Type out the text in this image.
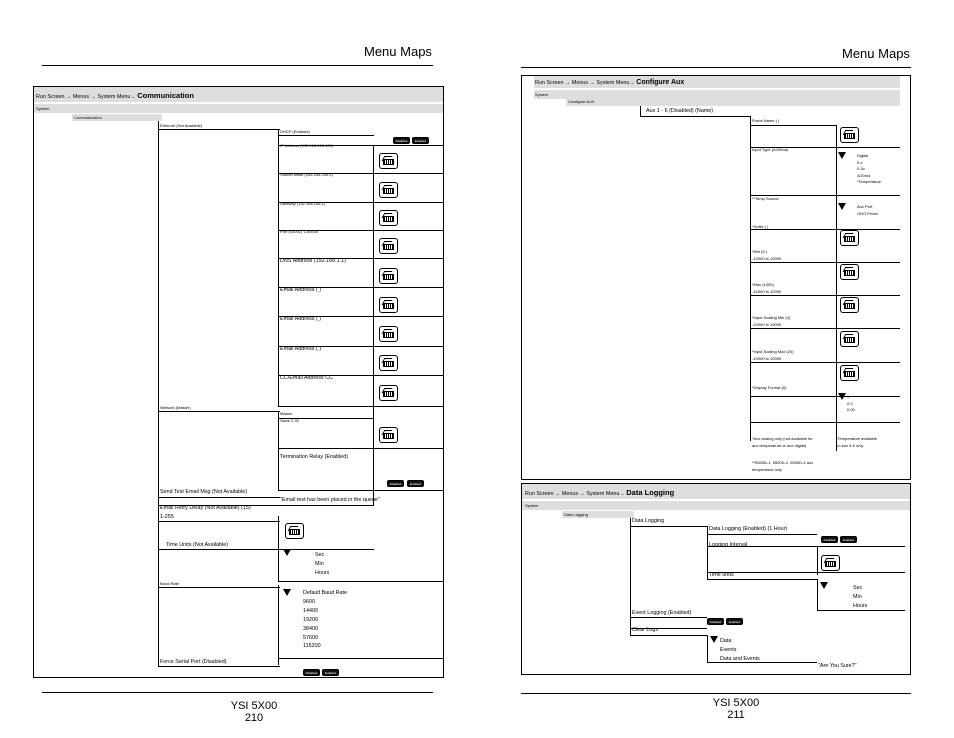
Menu Maps
Run Screen → Menus → System Menu→ Communication
System
Communication
Ethernet (Not Available)
DHCP (Enabled)
Disabled	Enabled
IP Address (192.168.168.100)
Subnet Mask (255.255.255.0)
Gateway (192.168.168.1)
Port (10001) 1-65535
DNS Address (192.168.1.1)
Email Address ( )
Email Address ( )
Email Address ( )
CC/Email Address CC
Network (Master)
Master
Slave 2-32
Termination Relay (Enabled)
Disabled	Enabled
Send Test Email Msg (Not Available)
"Email test has been placed in the queue"
Email Retry Delay (Not Available) (15)
1-255
Time Units (Not Available)
Sec
Min
Hours
Baud Rate
Default Baud Rate
9600
14400
19200
38400
57600
115200
Force Serial Port (Disabled)
Disabled	Enabled
YSI 5X00
210
Menu Maps
Run Screen → Menus → System Menu→ Configure Aux
System
Configure AUX
Aux 1 - 6 (Disabled) (Name)
Probe Name ( )
Input Type (A/20ma)
Digital
0-v
0-5v
4/20ma
*Temperature
**Temp Source
Aux Port
ODO Probe
*Suffix ( )
*Min (0 )
-10000 to 10000
*Max (1000)
-10000 to 10000
*Input Scaling Min (4)
-10000 to 10000
*Input Scaling Max (20)
-10000 to 10000
*Display Format (0)
0
0.0
0.00
*Aux analog only (not available for
aux temperature or aux digital)
*Temperature available
on aux 3-6 only
**5500D-1, 5500D-2, 5500D-4 aux
temperature only
Run Screen → Menus → System Menu→ Data Logging
System
Data Logging
Data Logging
Data Logging (Enabled) (1 Hour)
Disabled	Enabled
Logging Interval
Time units
Sec
Min
Hours
Event Logging (Enabled)
Disabled	Enabled
Clear Logs
Data
Events
Data and Events
"Are You Sure?"
YSI 5X00
211
